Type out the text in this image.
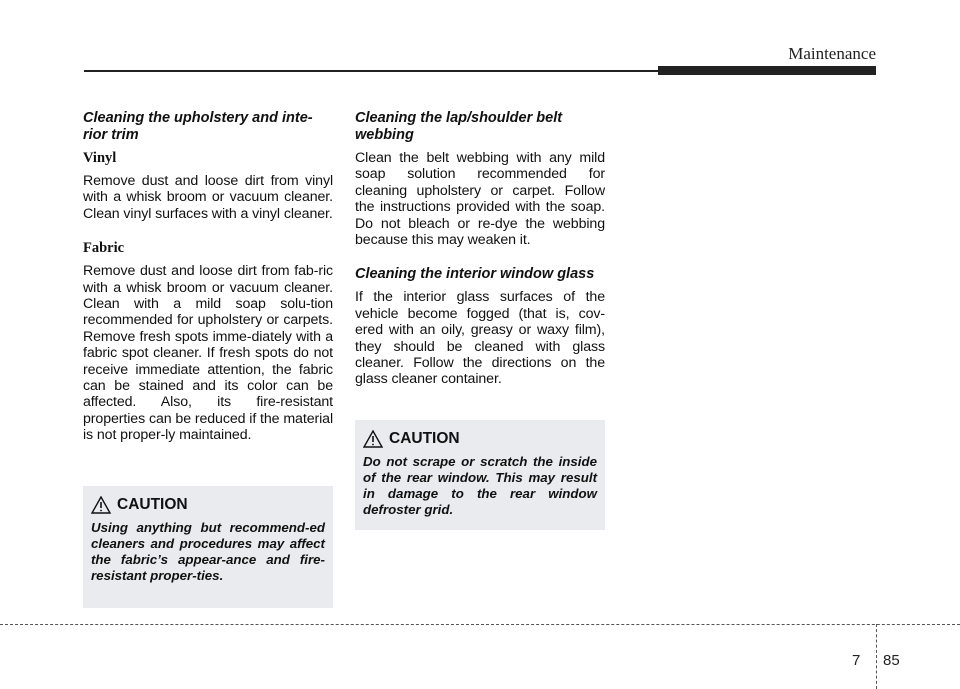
Maintenance
Cleaning the upholstery and inte-rior trim
Vinyl

Remove dust and loose dirt from vinyl with a whisk broom or vacuum cleaner. Clean vinyl surfaces with a vinyl cleaner.

Fabric

Remove dust and loose dirt from fab-ric with a whisk broom or vacuum cleaner. Clean with a mild soap solu-tion recommended for upholstery or carpets. Remove fresh spots imme-diately with a fabric spot cleaner. If fresh spots do not receive immediate attention, the fabric can be stained and its color can be affected. Also, its fire-resistant properties can be reduced if the material is not proper-ly maintained.

CAUTION
Using anything but recommend-ed cleaners and procedures may affect the fabric’s appear-ance and fire-resistant proper-ties.
Cleaning the lap/shoulder belt webbing

Clean the belt webbing with any mild soap solution recommended for cleaning upholstery or carpet. Follow the instructions provided with the soap. Do not bleach or re-dye the webbing because this may weaken it.

Cleaning the interior window glass

If the interior glass surfaces of the vehicle become fogged (that is, cov-ered with an oily, greasy or waxy film), they should be cleaned with glass cleaner. Follow the directions on the glass cleaner container.

CAUTION
Do not scrape or scratch the inside of the rear window. This may result in damage to the rear window defroster grid.
7 85
